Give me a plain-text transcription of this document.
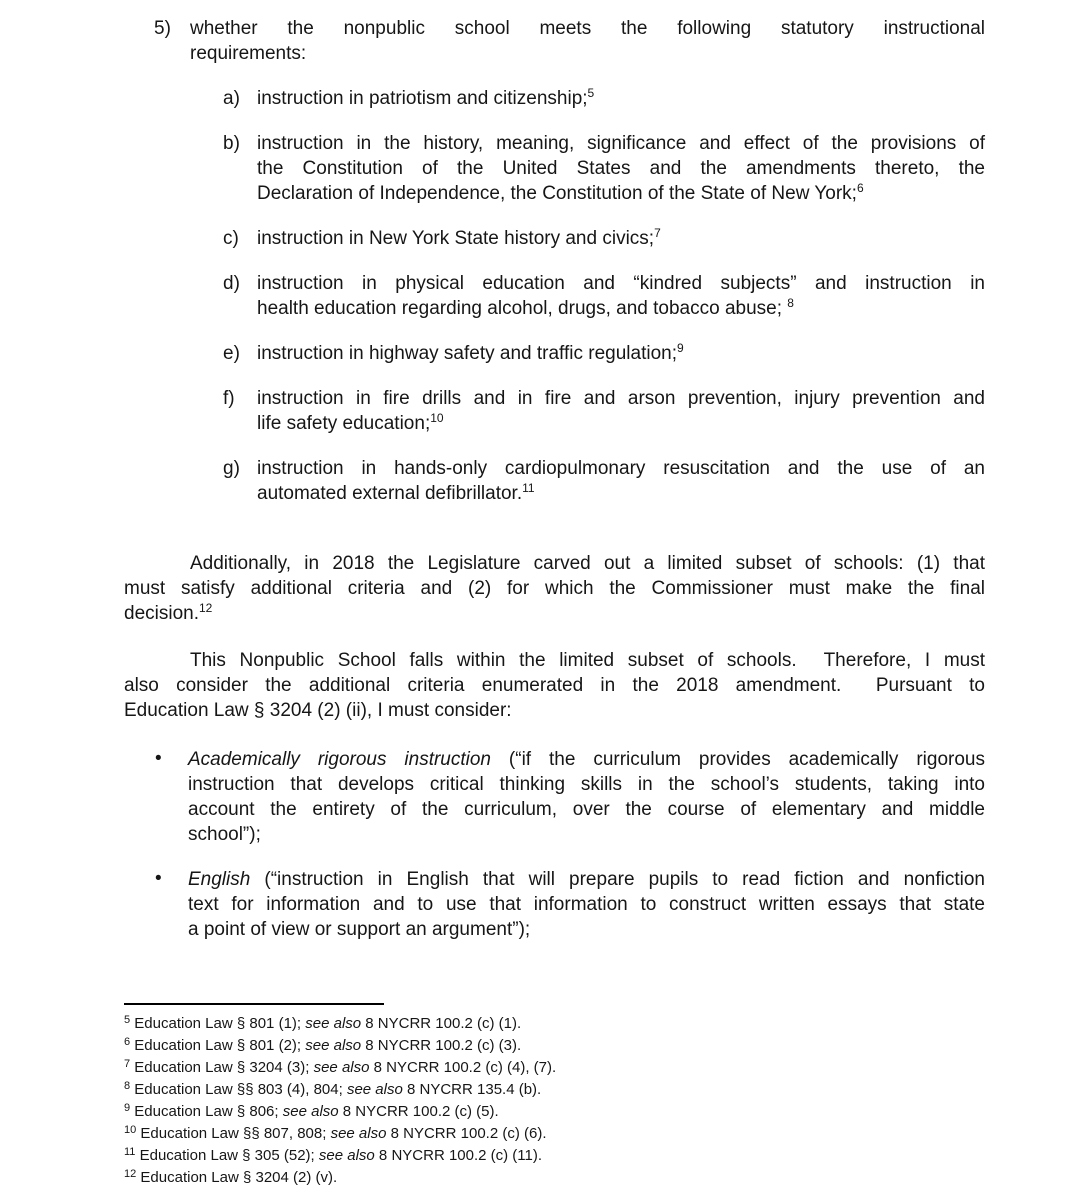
5) whether the nonpublic school meets the following statutory instructional
requirements:
a) instruction in patriotism and citizenship;$^5$
b) instruction in the history, meaning, significance and effect of the provisions of
the Constitution of the United States and the amendments thereto, the
Declaration of Independence, the Constitution of the State of New York;$^6$
c) instruction in New York State history and civics;$^7$
d) instruction in physical education and “kindred subjects” and instruction in
health education regarding alcohol, drugs, and tobacco abuse; $^8$
e) instruction in highway safety and traffic regulation;$^9$
f) instruction in fire drills and in fire and arson prevention, injury prevention and
life safety education;$^{10}$
g) instruction in hands-only cardiopulmonary resuscitation and the use of an
automated external defibrillator.$^{11}$
Additionally, in 2018 the Legislature carved out a limited subset of schools: (1) that
must satisfy additional criteria and (2) for which the Commissioner must make the final
decision.$^{12}$
This Nonpublic School falls within the limited subset of schools.  Therefore, I must
also consider the additional criteria enumerated in the 2018 amendment.  Pursuant to
Education Law § 3204 (2) (ii), I must consider:
• Academically rigorous instruction (“if the curriculum provides academically rigorous
instruction that develops critical thinking skills in the school’s students, taking into
account the entirety of the curriculum, over the course of elementary and middle
school”);
• English (“instruction in English that will prepare pupils to read fiction and nonfiction
text for information and to use that information to construct written essays that state
a point of view or support an argument”);
$^5$ Education Law § 801 (1); see also 8 NYCRR 100.2 (c) (1).
$^6$ Education Law § 801 (2); see also 8 NYCRR 100.2 (c) (3).
$^7$ Education Law § 3204 (3); see also 8 NYCRR 100.2 (c) (4), (7).
$^8$ Education Law §§ 803 (4), 804; see also 8 NYCRR 135.4 (b).
$^9$ Education Law § 806; see also 8 NYCRR 100.2 (c) (5).
$^{10}$ Education Law §§ 807, 808; see also 8 NYCRR 100.2 (c) (6).
$^{11}$ Education Law § 305 (52); see also 8 NYCRR 100.2 (c) (11).
$^{12}$ Education Law § 3204 (2) (v).
